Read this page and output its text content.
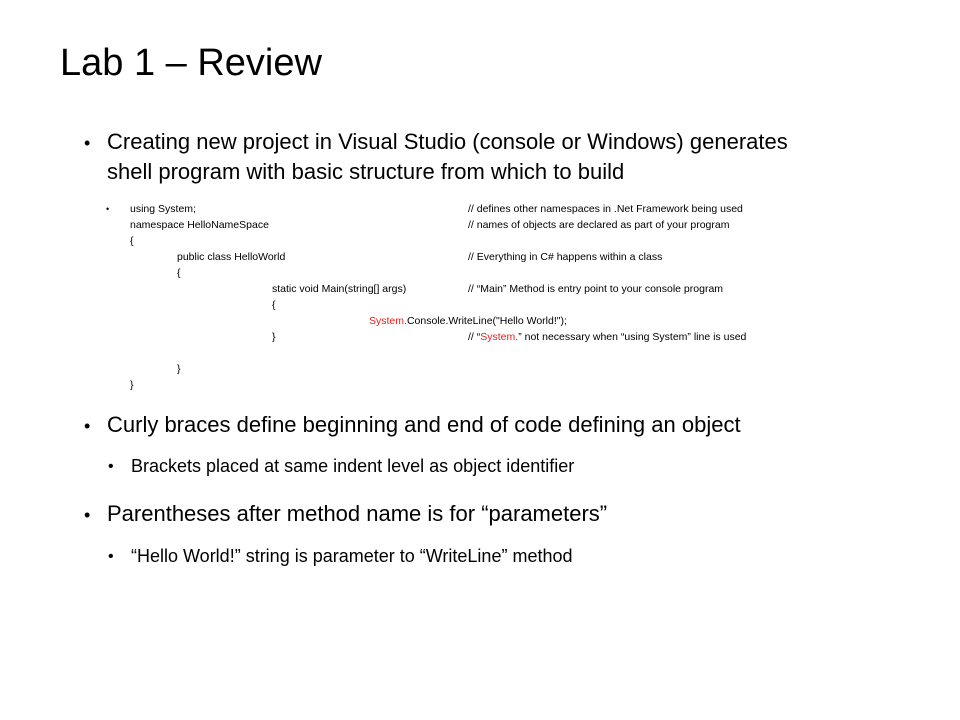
Lab 1 – Review
• Creating new project in Visual Studio (console or Windows) generates
shell program with basic structure from which to build
• using System;	// defines other namespaces in .Net Framework being used
namespace HelloNameSpace	// names of objects are declared as part of your program
{
public class HelloWorld	// Everything in C# happens within a class
{
static void Main(string[] args)	// “Main” Method is entry point to your console program
{
System.Console.WriteLine("Hello World!");
}	// “System.” not necessary when “using System” line is used
}
}
• Curly braces define beginning and end of code defining an object
• Brackets placed at same indent level as object identifier
• Parentheses after method name is for “parameters”
• “Hello World!” string is parameter to “WriteLine” method
